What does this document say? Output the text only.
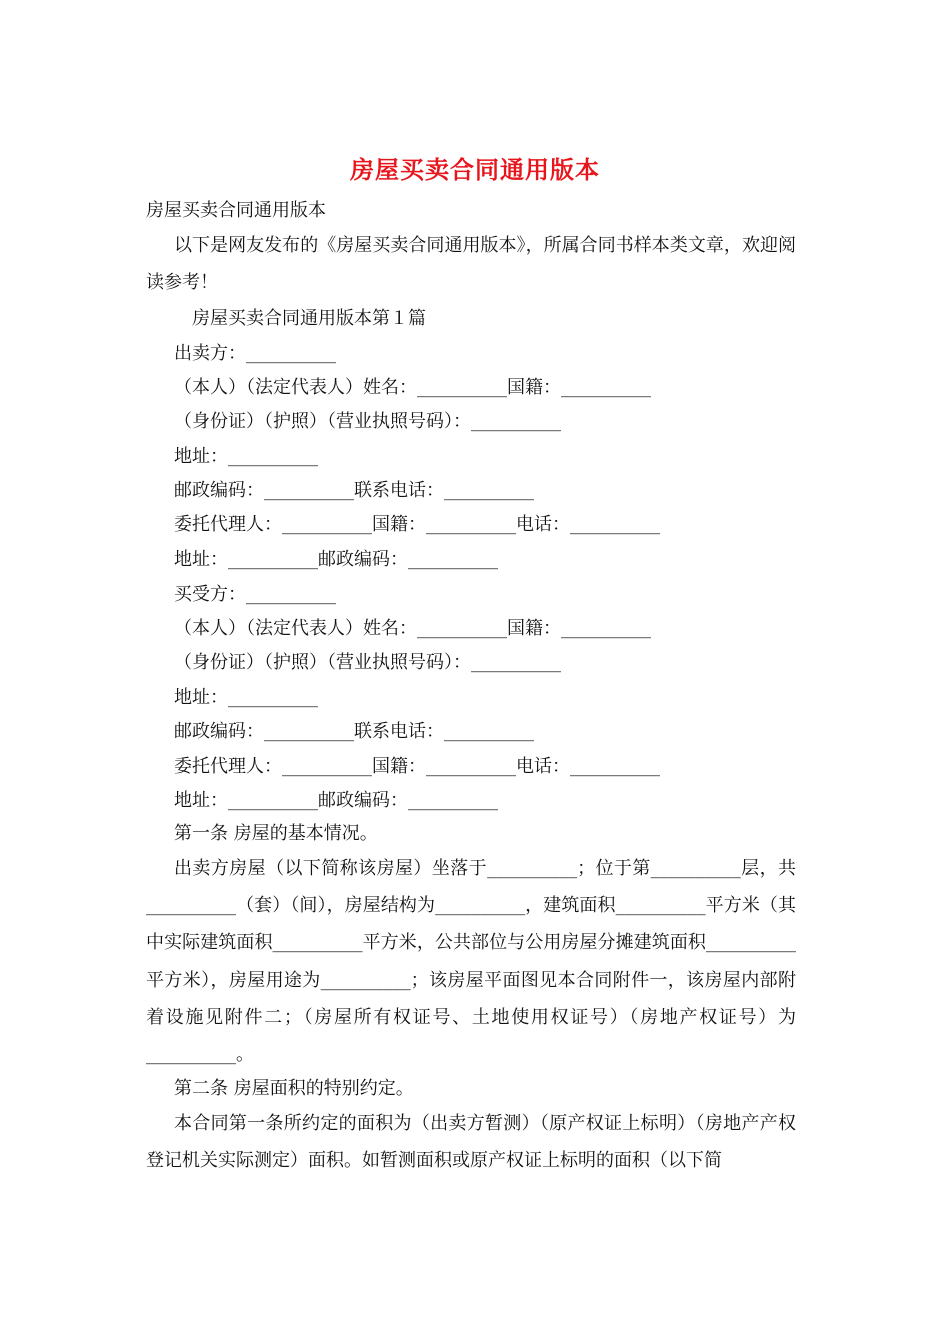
房屋买卖合同通用版本
房屋买卖合同通用版本
以下是网友发布的《房屋买卖合同通用版本》，所属合同书样本类文章，欢迎阅读参考！
房屋买卖合同通用版本第１篇
出卖方：__________
（本人）（法定代表人）姓名：__________国籍：__________
（身份证）（护照）（营业执照号码）：__________
地址：__________
邮政编码：__________联系电话：__________
委托代理人：__________国籍：__________电话：__________
地址：__________邮政编码：__________
买受方：__________
（本人）（法定代表人）姓名：__________国籍：__________
（身份证）（护照）（营业执照号码）：__________
地址：__________
邮政编码：__________联系电话：__________
委托代理人：__________国籍：__________电话：__________
地址：__________邮政编码：__________
第一条 房屋的基本情况。
出卖方房屋（以下简称该房屋）坐落于__________；位于第__________层，共__________（套）（间），房屋结构为__________，建筑面积__________平方米（其中实际建筑面积__________平方米，公共部位与公用房屋分摊建筑面积__________平方米），房屋用途为__________；该房屋平面图见本合同附件一，该房屋内部附着设施见附件二；（房屋所有权证号、土地使用权证号）（房地产权证号）为__________。
第二条 房屋面积的特别约定。
本合同第一条所约定的面积为（出卖方暂测）（原产权证上标明）（房地产产权登记机关实际测定）面积。如暂测面积或原产权证上标明的面积（以下简
